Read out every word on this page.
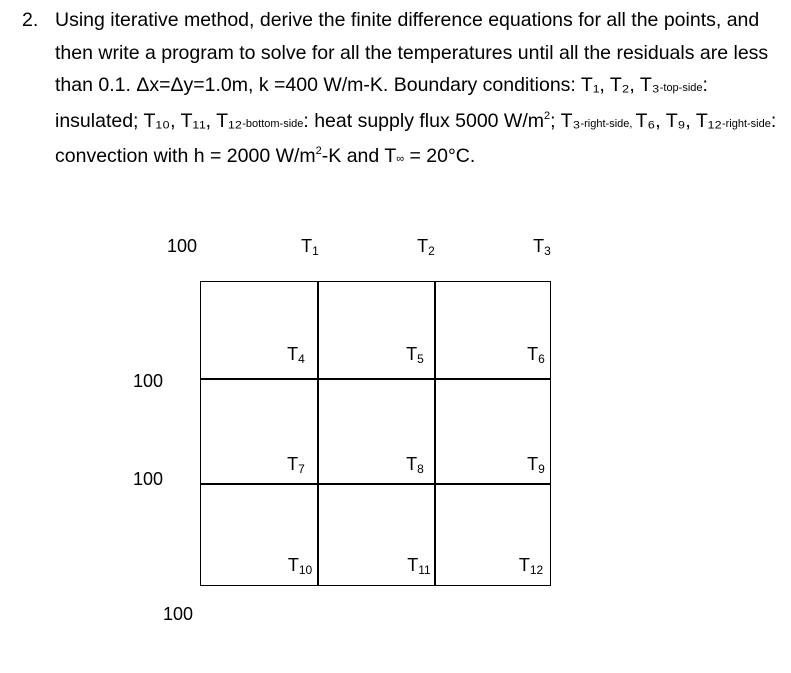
2. Using iterative method, derive the finite difference equations for all the points, and then write a program to solve for all the temperatures until all the residuals are less than 0.1. Δx=Δy=1.0m, k =400 W/m-K. Boundary conditions: T₁, T₂, T₃-top-side: insulated; T₁₀, T₁₁, T₁₂-bottom-side: heat supply flux 5000 $W/m^2$; T₃-right-side, T₆, T₉, T₁₂-right-side: convection with h = 2000 $W/m^2-K$ and T∞ = 20°C.
100
100
100
100
$T_1$	$T_2$	$T_3$
$T_4$	$T_5$	$T_6$
$T_7$	$T_8$	$T_9$
$T_{10}$	$T_{11}$	$T_{12}$
